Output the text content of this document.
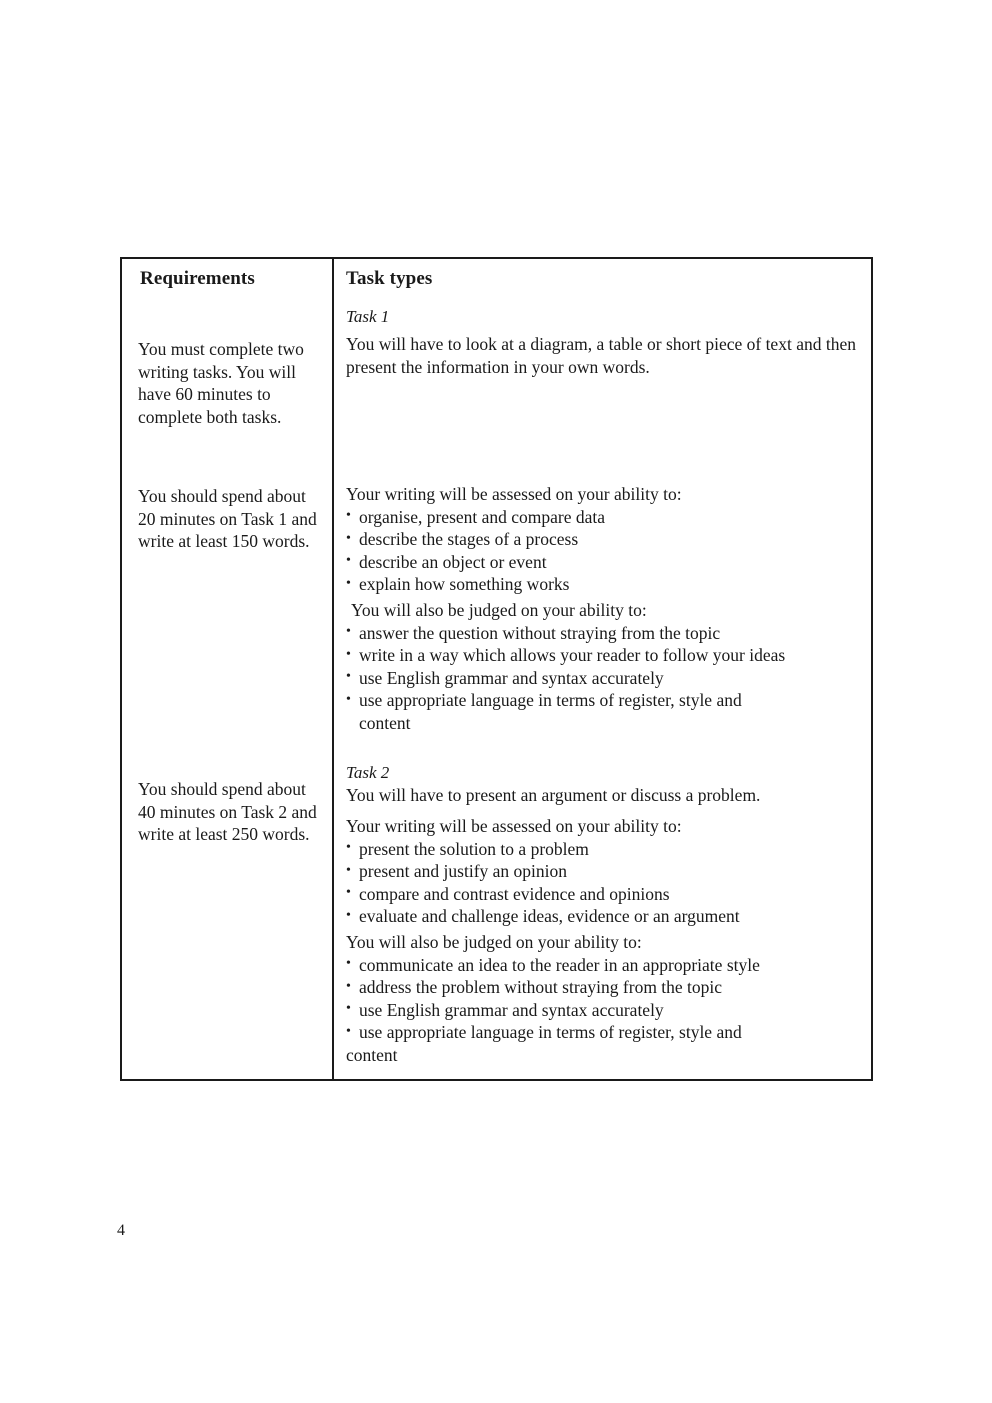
Requirements
You must complete two writing tasks. You will have 60 minutes to complete both tasks.
You should spend about 20 minutes on Task 1 and write at least 150 words.
You should spend about 40 minutes on Task 2 and write at least 250 words.
Task types
Task 1
You will have to look at a diagram, a table or short piece of text and then present the information in your own words.

Your writing will be assessed on your ability to:

• organise, present and compare data
• describe the stages of a process
• describe an object or event
• explain how something works

You will also be judged on your ability to:

• answer the question without straying from the topic
• write in a way which allows your reader to follow your ideas
• use English grammar and syntax accurately
• use appropriate language in terms of register, style and
content
Task 2
You will have to present an argument or discuss a problem.

Your writing will be assessed on your ability to:

• present the solution to a problem
• present and justify an opinion
• compare and contrast evidence and opinions
• evaluate and challenge ideas, evidence or an argument

You will also be judged on your ability to:

• communicate an idea to the reader in an appropriate style
• address the problem without straying from the topic
• use English grammar and syntax accurately
• use appropriate language in terms of register, style and
content
4
